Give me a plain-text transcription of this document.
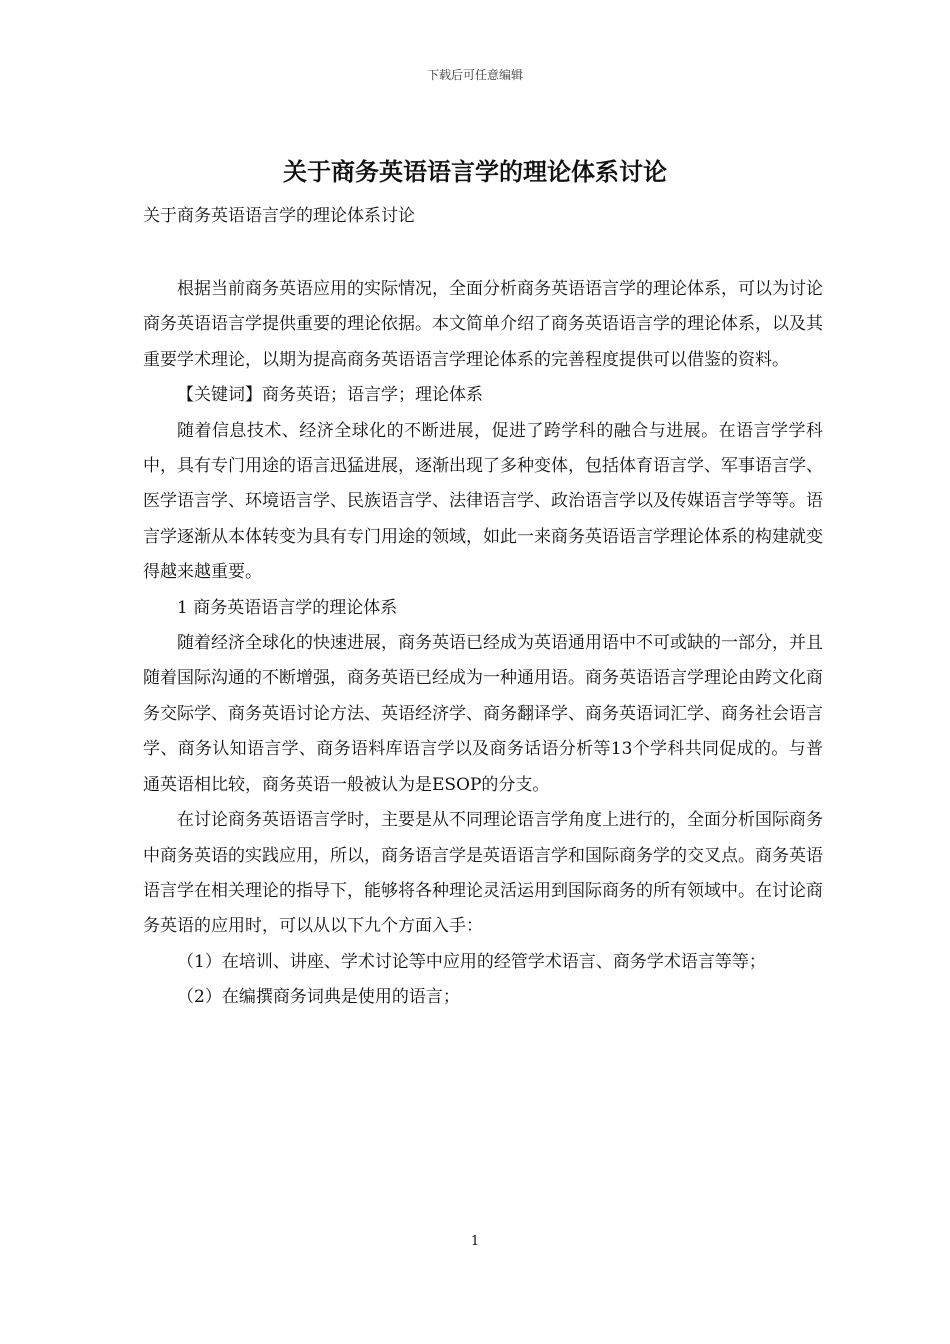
下载后可任意编辑
关于商务英语语言学的理论体系讨论
关于商务英语语言学的理论体系讨论

根据当前商务英语应用的实际情况，全面分析商务英语语言学的理论体系，可以为讨论商务英语语言学提供重要的理论依据。本文简单介绍了商务英语语言学的理论体系，以及其重要学术理论，以期为提高商务英语语言学理论体系的完善程度提供可以借鉴的资料。

【关键词】商务英语；语言学；理论体系

随着信息技术、经济全球化的不断进展，促进了跨学科的融合与进展。在语言学学科中，具有专门用途的语言迅猛进展，逐渐出现了多种变体，包括体育语言学、军事语言学、医学语言学、环境语言学、民族语言学、法律语言学、政治语言学以及传媒语言学等等。语言学逐渐从本体转变为具有专门用途的领域，如此一来商务英语语言学理论体系的构建就变得越来越重要。

1 商务英语语言学的理论体系

随着经济全球化的快速进展，商务英语已经成为英语通用语中不可或缺的一部分，并且随着国际沟通的不断增强，商务英语已经成为一种通用语。商务英语语言学理论由跨文化商务交际学、商务英语讨论方法、英语经济学、商务翻译学、商务英语词汇学、商务社会语言学、商务认知语言学、商务语料库语言学以及商务话语分析等13个学科共同促成的。与普通英语相比较，商务英语一般被认为是ESOP的分支。

在讨论商务英语语言学时，主要是从不同理论语言学角度上进行的，全面分析国际商务中商务英语的实践应用，所以，商务语言学是英语语言学和国际商务学的交叉点。商务英语语言学在相关理论的指导下，能够将各种理论灵活运用到国际商务的所有领域中。在讨论商务英语的应用时，可以从以下九个方面入手：

（1）在培训、讲座、学术讨论等中应用的经管学术语言、商务学术语言等等；

（2）在编撰商务词典是使用的语言；

1
